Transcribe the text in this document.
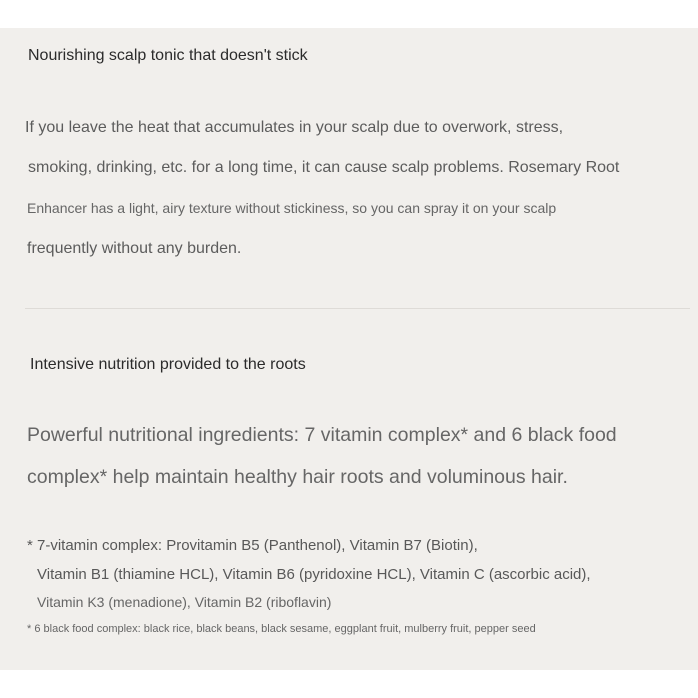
Nourishing scalp tonic that doesn't stick
If you leave the heat that accumulates in your scalp due to overwork, stress,
smoking, drinking, etc. for a long time, it can cause scalp problems. Rosemary Root
Enhancer has a light, airy texture without stickiness, so you can spray it on your scalp
frequently without any burden.
Intensive nutrition provided to the roots
Powerful nutritional ingredients: 7 vitamin complex* and 6 black food
complex* help maintain healthy hair roots and voluminous hair.
* 7-vitamin complex: Provitamin B5 (Panthenol), Vitamin B7 (Biotin),
Vitamin B1 (thiamine HCL), Vitamin B6 (pyridoxine HCL), Vitamin C (ascorbic acid),
Vitamin K3 (menadione), Vitamin B2 (riboflavin)
* 6 black food complex: black rice, black beans, black sesame, eggplant fruit, mulberry fruit, pepper seed
